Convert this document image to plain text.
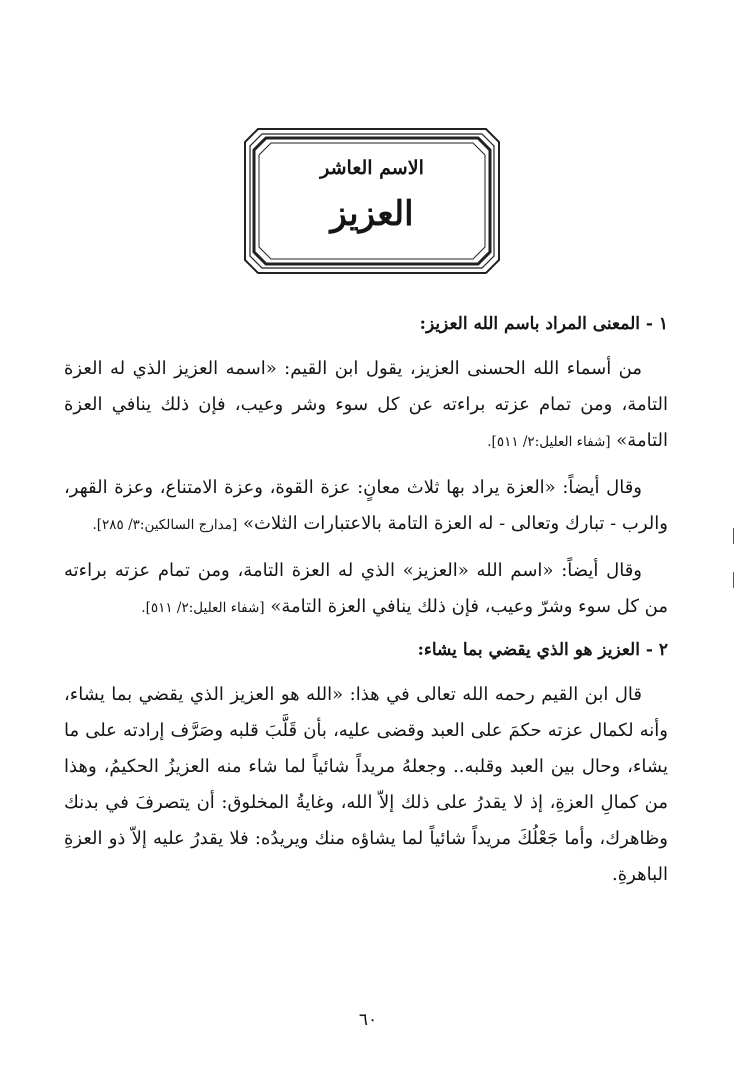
الاسم العاشر
العزيز
١ - المعنى المراد باسم الله العزيز:

من أسماء الله الحسنى العزيز، يقول ابن القيم: «اسمه العزيز الذي له العزة التامة، ومن تمام عزته براءته عن كل سوء وشر وعيب، فإن ذلك ينافي العزة التامة» [شفاء العليل:٢/ ٥١١].

وقال أيضاً: «العزة يراد بها ثلاث معانٍ: عزة القوة، وعزة الامتناع، وعزة القهر، والرب - تبارك وتعالى - له العزة التامة بالاعتبارات الثلاث» [مدارج السالكين:٣/ ٢٨٥].

وقال أيضاً: «اسم الله «العزيز» الذي له العزة التامة، ومن تمام عزته براءته من كل سوء وشرّ وعيب، فإن ذلك ينافي العزة التامة» [شفاء العليل:٢/ ٥١١].

٢ - العزيز هو الذي يقضي بما يشاء:

قال ابن القيم رحمه الله تعالى في هذا: «الله هو العزيز الذي يقضي بما يشاء، وأنه لكمال عزته حكمَ على العبد وقضى عليه، بأن قَلَّبَ قلبه وصَرَّف إرادته على ما يشاء، وحال بين العبد وقلبه.. وجعلهُ مريداً شائياً لما شاء منه العزيزُ الحكيمُ، وهذا من كمالِ العزةِ، إذ لا يقدرُ على ذلك إلاّ الله، وغايةُ المخلوق: أن يتصرفَ في بدنك وظاهرك، وأما جَعْلُكَ مريداً شائياً لما يشاؤه منك ويريدُه: فلا يقدرُ عليه إلاّ ذو العزةِ الباهرةِ.

٦٠
